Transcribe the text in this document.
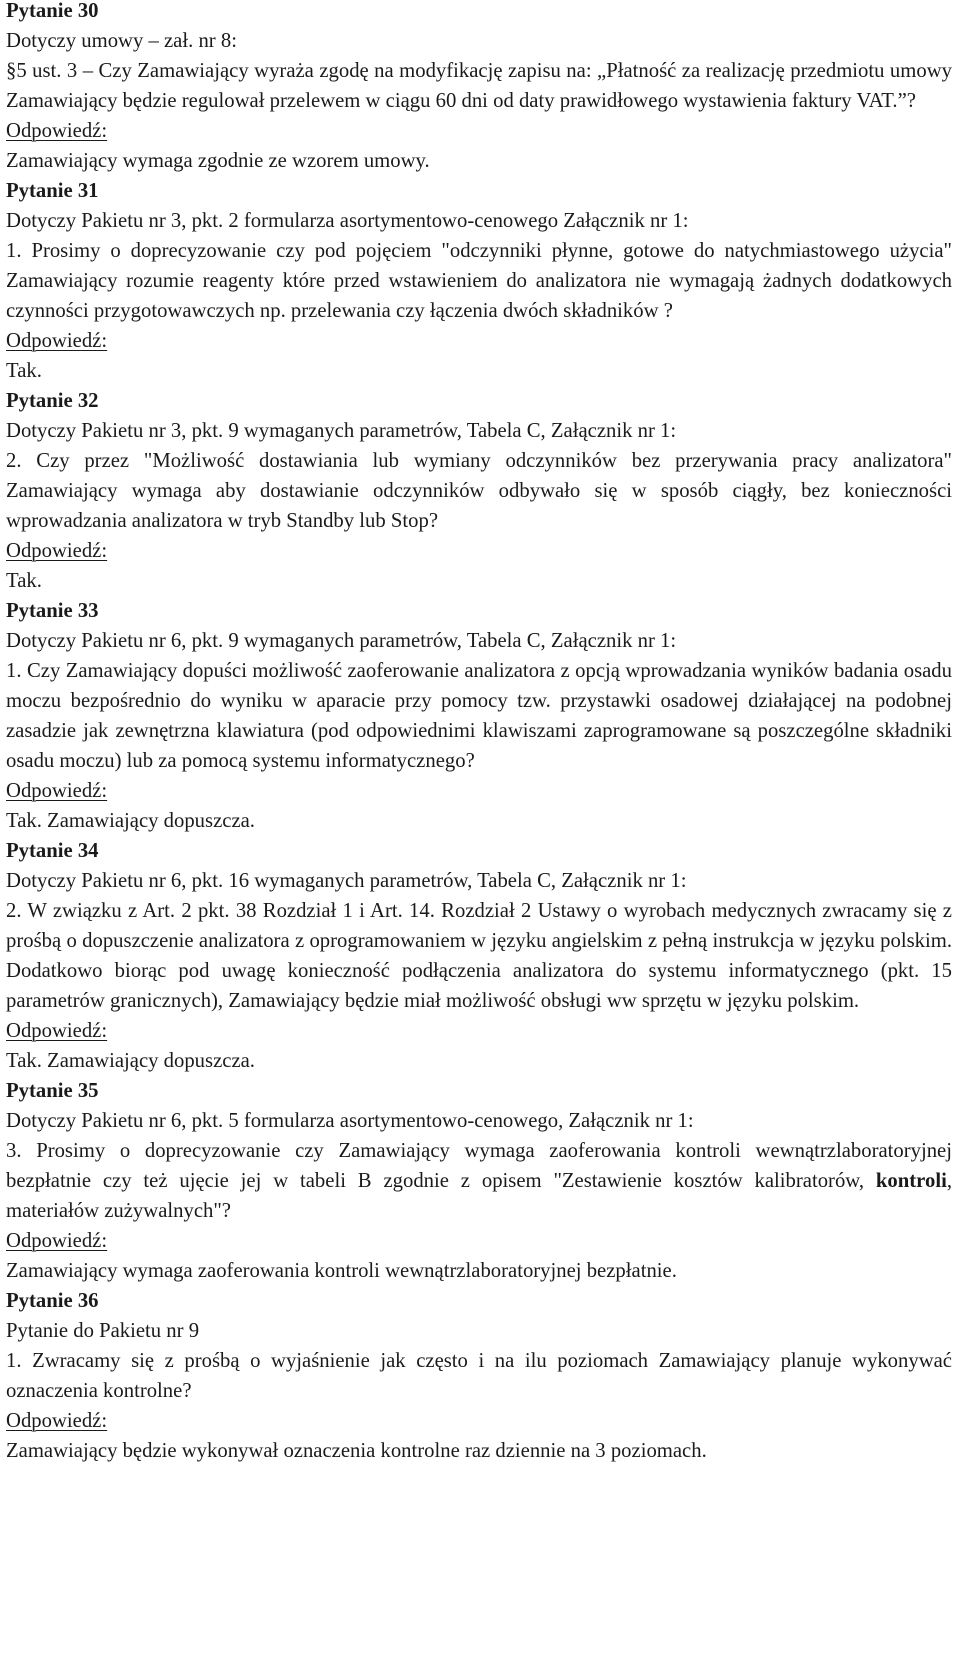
Pytanie 30

Dotyczy umowy – zał. nr 8:

§5 ust. 3 – Czy Zamawiający wyraża zgodę na modyfikację zapisu na: „Płatność za realizację przedmiotu umowy Zamawiający będzie regulował przelewem w ciągu 60 dni od daty prawidłowego wystawienia faktury VAT.”?

Odpowiedź:

Zamawiający wymaga zgodnie ze wzorem umowy.

Pytanie 31

Dotyczy Pakietu nr 3, pkt. 2 formularza asortymentowo-cenowego Załącznik nr 1:

1. Prosimy o doprecyzowanie czy pod pojęciem "odczynniki płynne, gotowe do natychmiastowego użycia" Zamawiający rozumie reagenty które przed wstawieniem do analizatora nie wymagają żadnych dodatkowych czynności przygotowawczych np. przelewania czy łączenia dwóch składników ?

Odpowiedź:

Tak.

Pytanie 32

Dotyczy Pakietu nr 3, pkt. 9 wymaganych parametrów, Tabela C, Załącznik nr 1:

2. Czy przez "Możliwość dostawiania lub wymiany odczynników bez przerywania pracy analizatora" Zamawiający wymaga aby dostawianie odczynników odbywało się w sposób ciągły, bez konieczności wprowadzania analizatora w tryb Standby lub Stop?

Odpowiedź:

Tak.

Pytanie 33

Dotyczy Pakietu nr 6, pkt. 9 wymaganych parametrów, Tabela C, Załącznik nr 1:

1. Czy Zamawiający dopuści możliwość zaoferowanie analizatora z opcją wprowadzania wyników badania osadu moczu bezpośrednio do wyniku w aparacie przy pomocy tzw. przystawki osadowej działającej na podobnej zasadzie jak zewnętrzna klawiatura (pod odpowiednimi klawiszami zaprogramowane są poszczególne składniki osadu moczu) lub za pomocą systemu informatycznego?

Odpowiedź:

Tak. Zamawiający dopuszcza.

Pytanie 34

Dotyczy Pakietu nr 6, pkt. 16 wymaganych parametrów, Tabela C, Załącznik nr 1:

2. W związku z Art. 2 pkt. 38 Rozdział 1 i Art. 14. Rozdział 2 Ustawy o wyrobach medycznych zwracamy się z prośbą o dopuszczenie analizatora z oprogramowaniem w języku angielskim z pełną instrukcja w języku polskim. Dodatkowo biorąc pod uwagę konieczność podłączenia analizatora do systemu informatycznego (pkt. 15 parametrów granicznych), Zamawiający będzie miał możliwość obsługi ww sprzętu w języku polskim.

Odpowiedź:

Tak. Zamawiający dopuszcza.

Pytanie 35

Dotyczy Pakietu nr 6, pkt. 5 formularza asortymentowo-cenowego, Załącznik nr 1:

3. Prosimy o doprecyzowanie czy Zamawiający wymaga zaoferowania kontroli wewnątrzlaboratoryjnej bezpłatnie czy też ujęcie jej w tabeli B zgodnie z opisem "Zestawienie kosztów kalibratorów, kontroli, materiałów zużywalnych"?

Odpowiedź:

Zamawiający wymaga zaoferowania kontroli wewnątrzlaboratoryjnej bezpłatnie.

Pytanie 36

Pytanie do Pakietu nr 9

1. Zwracamy się z prośbą o wyjaśnienie jak często i na ilu poziomach Zamawiający planuje wykonywać oznaczenia kontrolne?

Odpowiedź:

Zamawiający będzie wykonywał oznaczenia kontrolne raz dziennie na 3 poziomach.
